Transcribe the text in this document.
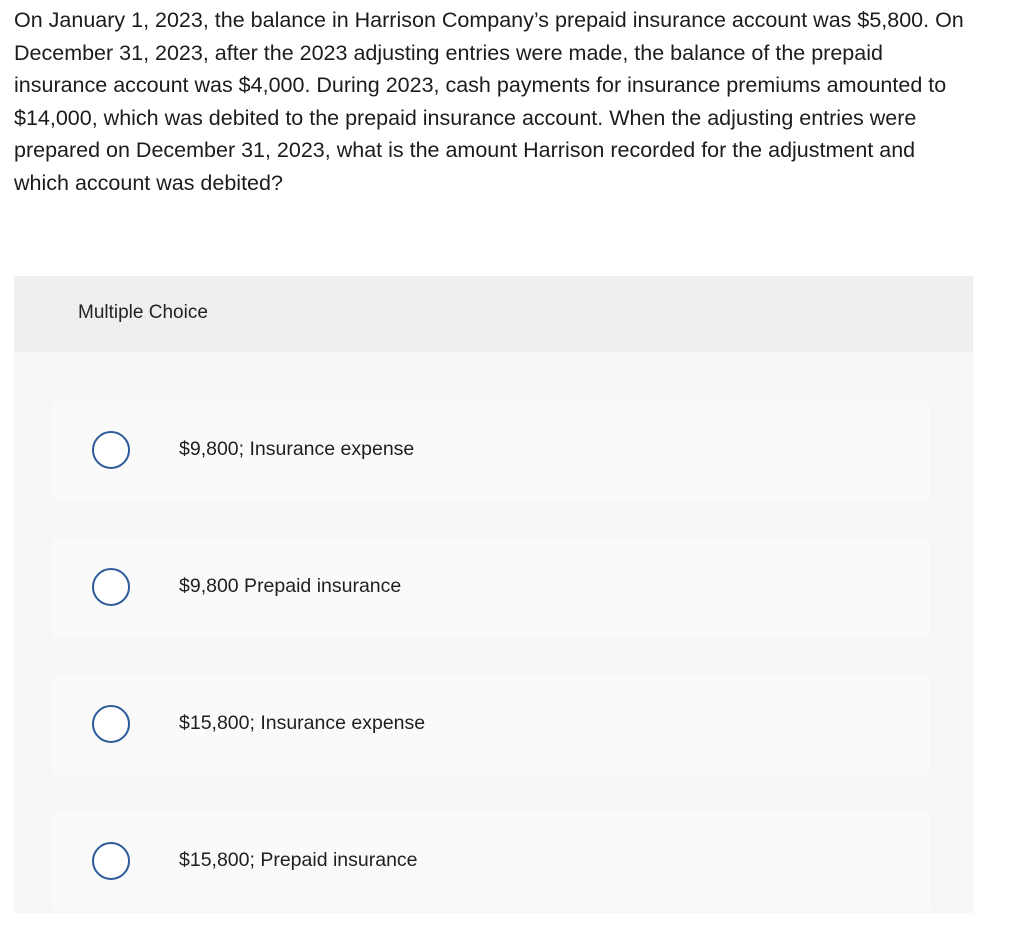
On January 1, 2023, the balance in Harrison Company’s prepaid insurance account was $5,800. On December 31, 2023, after the 2023 adjusting entries were made, the balance of the prepaid insurance account was $4,000. During 2023, cash payments for insurance premiums amounted to $14,000, which was debited to the prepaid insurance account. When the adjusting entries were prepared on December 31, 2023, what is the amount Harrison recorded for the adjustment and which account was debited?

Multiple Choice
$9,800; Insurance expense
$9,800 Prepaid insurance
$15,800; Insurance expense
$15,800; Prepaid insurance
